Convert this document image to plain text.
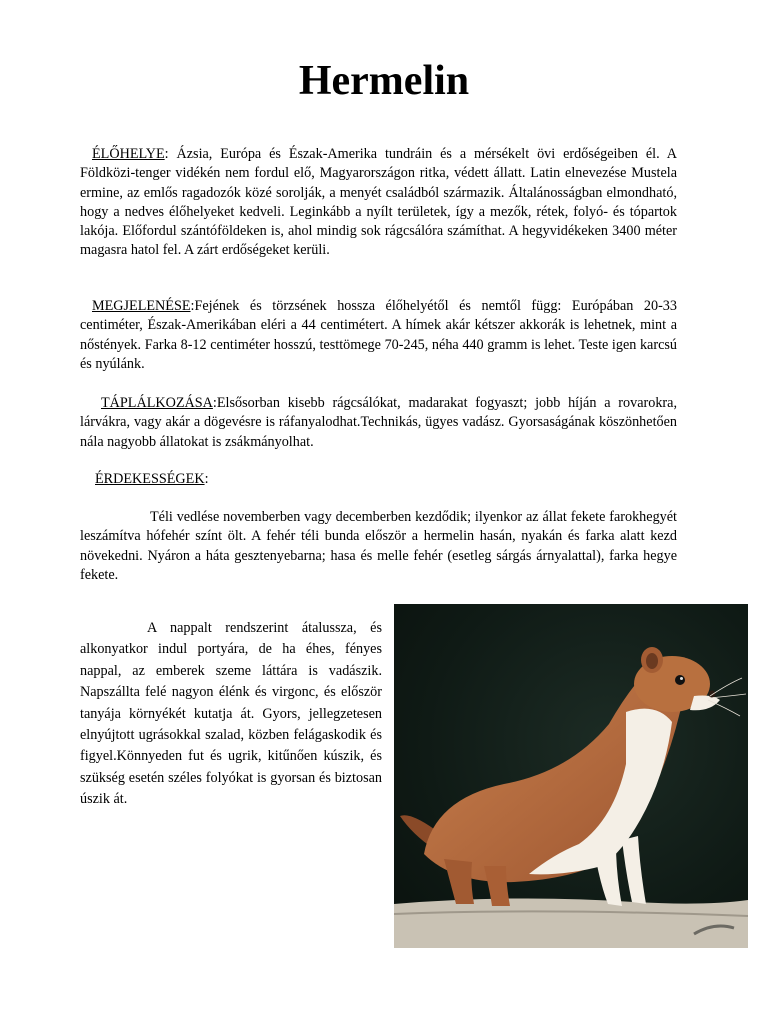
Hermelin

ÉLŐHELYE: Ázsia, Európa és Észak-Amerika tundráin és a mérsékelt övi erdőségeiben él. A Földközi-tenger vidékén nem fordul elő, Magyarországon ritka, védett állatt. Latin elnevezése Mustela ermine, az emlős ragadozók közé sorolják, a menyét családból származik. Általánosságban elmondható, hogy a nedves élőhelyeket kedveli. Leginkább a nyílt területek, így a mezők, rétek, folyó- és tópartok lakója. Előfordul szántóföldeken is, ahol mindig sok rágcsálóra számíthat. A hegyvidékeken 3400 méter magasra hatol fel. A zárt erdőségeket kerüli.

MEGJELENÉSE:Fejének és törzsének hossza élőhelyétől és nemtől függ: Európában 20-33 centiméter, Észak-Amerikában eléri a 44 centimétert. A hímek akár kétszer akkorák is lehetnek, mint a nőstények. Farka 8-12 centiméter hosszú, testtömege 70-245, néha 440 gramm is lehet. Teste igen karcsú és nyúlánk.

TÁPLÁLKOZÁSA:Elsősorban kisebb rágcsálókat, madarakat fogyaszt; jobb híján a rovarokra, lárvákra, vagy akár a dögevésre is ráfanyalodhat.Technikás, ügyes vadász. Gyorsaságának köszönhetően nála nagyobb állatokat is zsákmányolhat.

ÉRDEKESSÉGEK:

Téli vedlése novemberben vagy decemberben kezdődik; ilyenkor az állat fekete farokhegyét leszámítva hófehér színt ölt. A fehér téli bunda először a hermelin hasán, nyakán és farka alatt kezd növekedni. Nyáron a háta gesztenyebarna; hasa és melle fehér (esetleg sárgás árnyalattal), farka hegye fekete.

A nappalt rendszerint átalussza, és alkonyatkor indul portyára, de ha éhes, fényes nappal, az emberek szeme láttára is vadászik. Napszállta felé nagyon élénk és virgonc, és először tanyája környékét kutatja át. Gyors, jellegzetesen elnyújtott ugrásokkal szalad, közben felágaskodik és figyel.Könnyeden fut és ugrik, kitűnően kúszik, és szükség esetén széles folyókat is gyorsan és biztosan úszik át.
